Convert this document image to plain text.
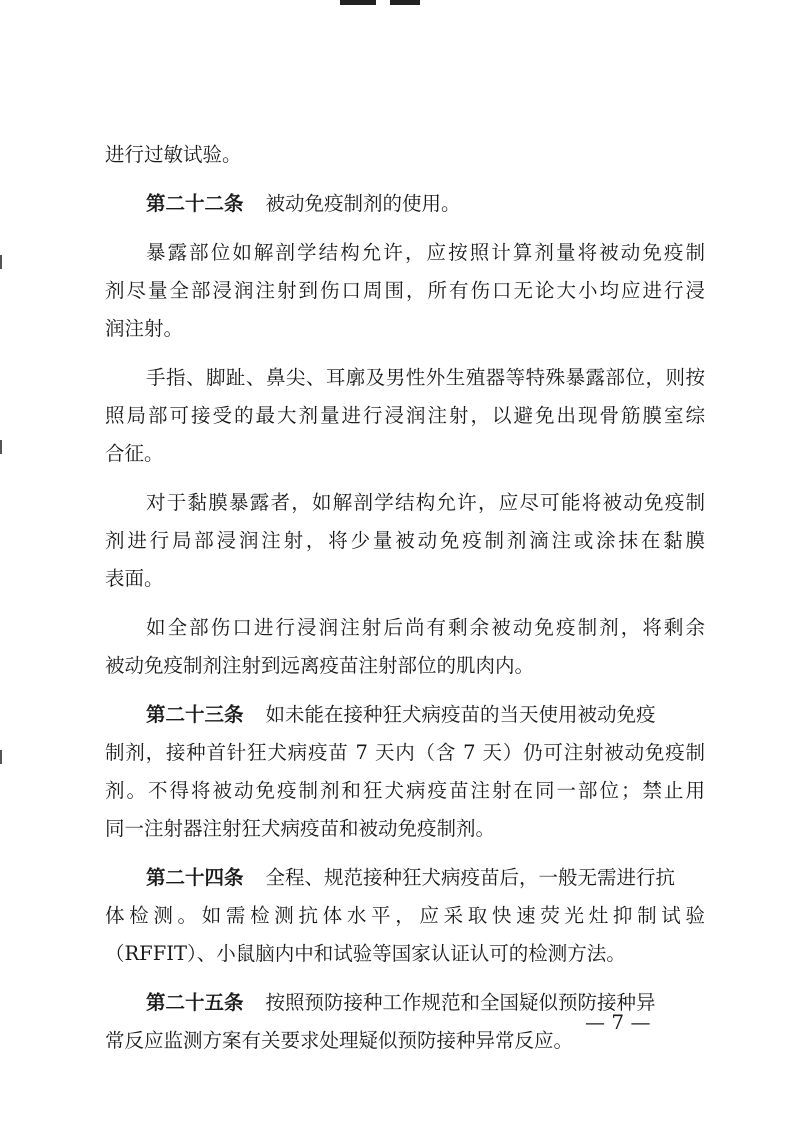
进行过敏试验。
第二十二条 被动免疫制剂的使用。
暴露部位如解剖学结构允许，应按照计算剂量将被动免疫制
剂尽量全部浸润注射到伤口周围，所有伤口无论大小均应进行浸
润注射。
手指、脚趾、鼻尖、耳廓及男性外生殖器等特殊暴露部位，则按
照局部可接受的最大剂量进行浸润注射，以避免出现骨筋膜室综
合征。
对于黏膜暴露者，如解剖学结构允许，应尽可能将被动免疫制
剂进行局部浸润注射，将少量被动免疫制剂滴注或涂抹在黏膜
表面。
如全部伤口进行浸润注射后尚有剩余被动免疫制剂，将剩余
被动免疫制剂注射到远离疫苗注射部位的肌肉内。
第二十三条 如未能在接种狂犬病疫苗的当天使用被动免疫
制剂，接种首针狂犬病疫苗 7 天内（含 7 天）仍可注射被动免疫制
剂。不得将被动免疫制剂和狂犬病疫苗注射在同一部位；禁止用
同一注射器注射狂犬病疫苗和被动免疫制剂。
第二十四条 全程、规范接种狂犬病疫苗后，一般无需进行抗
体检测。如需检测抗体水平，应采取快速荧光灶抑制试验
（RFFIT）、小鼠脑内中和试验等国家认证认可的检测方法。
第二十五条 按照预防接种工作规范和全国疑似预防接种异
常反应监测方案有关要求处理疑似预防接种异常反应。
— 7 —
